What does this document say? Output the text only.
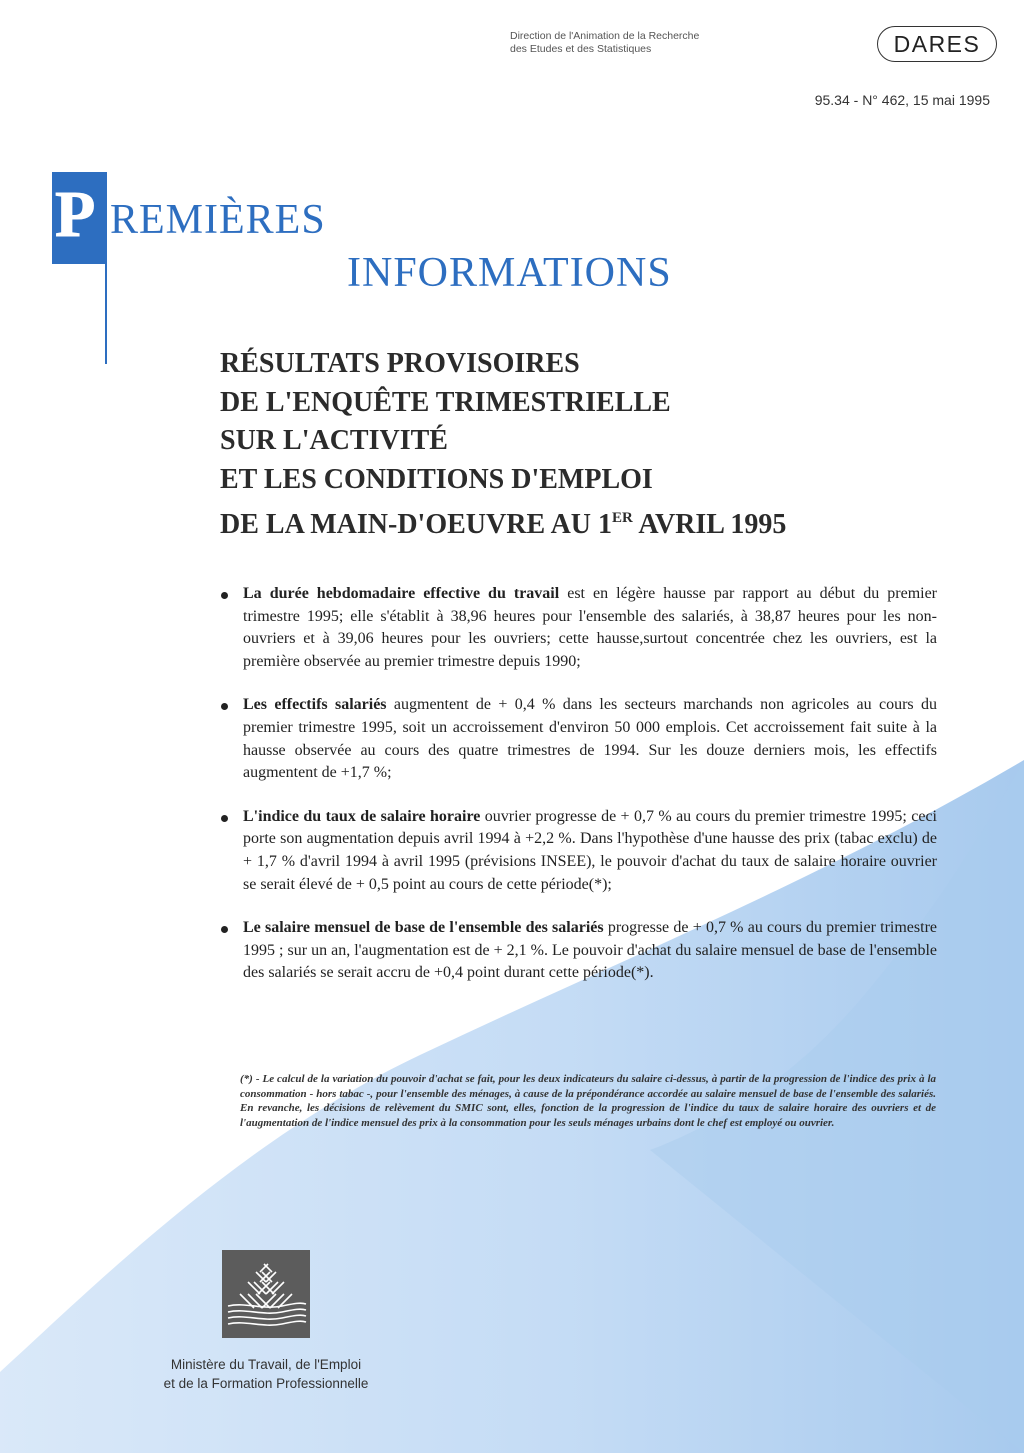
Direction de l'Animation de la Recherche
des Etudes et des Statistiques	DARES
95.34 - N° 462, 15 mai 1995
P REMIÈRES
INFORMATIONS
RÉSULTATS PROVISOIRES
DE L'ENQUÊTE TRIMESTRIELLE
SUR L'ACTIVITÉ
ET LES CONDITIONS D'EMPLOI
DE LA MAIN-D'OEUVRE AU 1ER AVRIL 1995
La durée hebdomadaire effective du travail est en légère hausse par rapport au début du premier trimestre 1995; elle s'établit à 38,96 heures pour l'ensemble des salariés, à 38,87 heures pour les non-ouvriers et à 39,06 heures pour les ouvriers; cette hausse,surtout concentrée chez les ouvriers, est la première observée au premier trimestre depuis 1990;
Les effectifs salariés augmentent de + 0,4 % dans les secteurs marchands non agricoles au cours du premier trimestre 1995, soit un accroissement d'environ 50 000 emplois. Cet accroissement fait suite à la hausse observée au cours des quatre trimestres de 1994. Sur les douze derniers mois, les effectifs augmentent de +1,7 %;
L'indice du taux de salaire horaire ouvrier progresse de + 0,7 % au cours du premier trimestre 1995; ceci porte son augmentation depuis avril 1994 à +2,2 %. Dans l'hypothèse d'une hausse des prix (tabac exclu) de + 1,7 % d'avril 1994 à avril 1995 (prévisions INSEE), le pouvoir d'achat du taux de salaire horaire ouvrier se serait élevé de + 0,5 point au cours de cette période(*);
Le salaire mensuel de base de l'ensemble des salariés progresse de + 0,7 % au cours du premier trimestre 1995 ; sur un an, l'augmentation est de + 2,1 %. Le pouvoir d'achat du salaire mensuel de base de l'ensemble des salariés se serait accru de +0,4 point durant cette période(*).
(*) - Le calcul de la variation du pouvoir d'achat se fait, pour les deux indicateurs du salaire ci-dessus, à partir de la progression de l'indice des prix à la consommation - hors tabac -, pour l'ensemble des ménages, à cause de la prépondérance accordée au salaire mensuel de base de l'ensemble des salariés. En revanche, les décisions de relèvement du SMIC sont, elles, fonction de la progression de l'indice du taux de salaire horaire des ouvriers et de l'augmentation de l'indice mensuel des prix à la consommation pour les seuls ménages urbains dont le chef est employé ou ouvrier.
Ministère du Travail, de l'Emploi
et de la Formation Professionnelle
